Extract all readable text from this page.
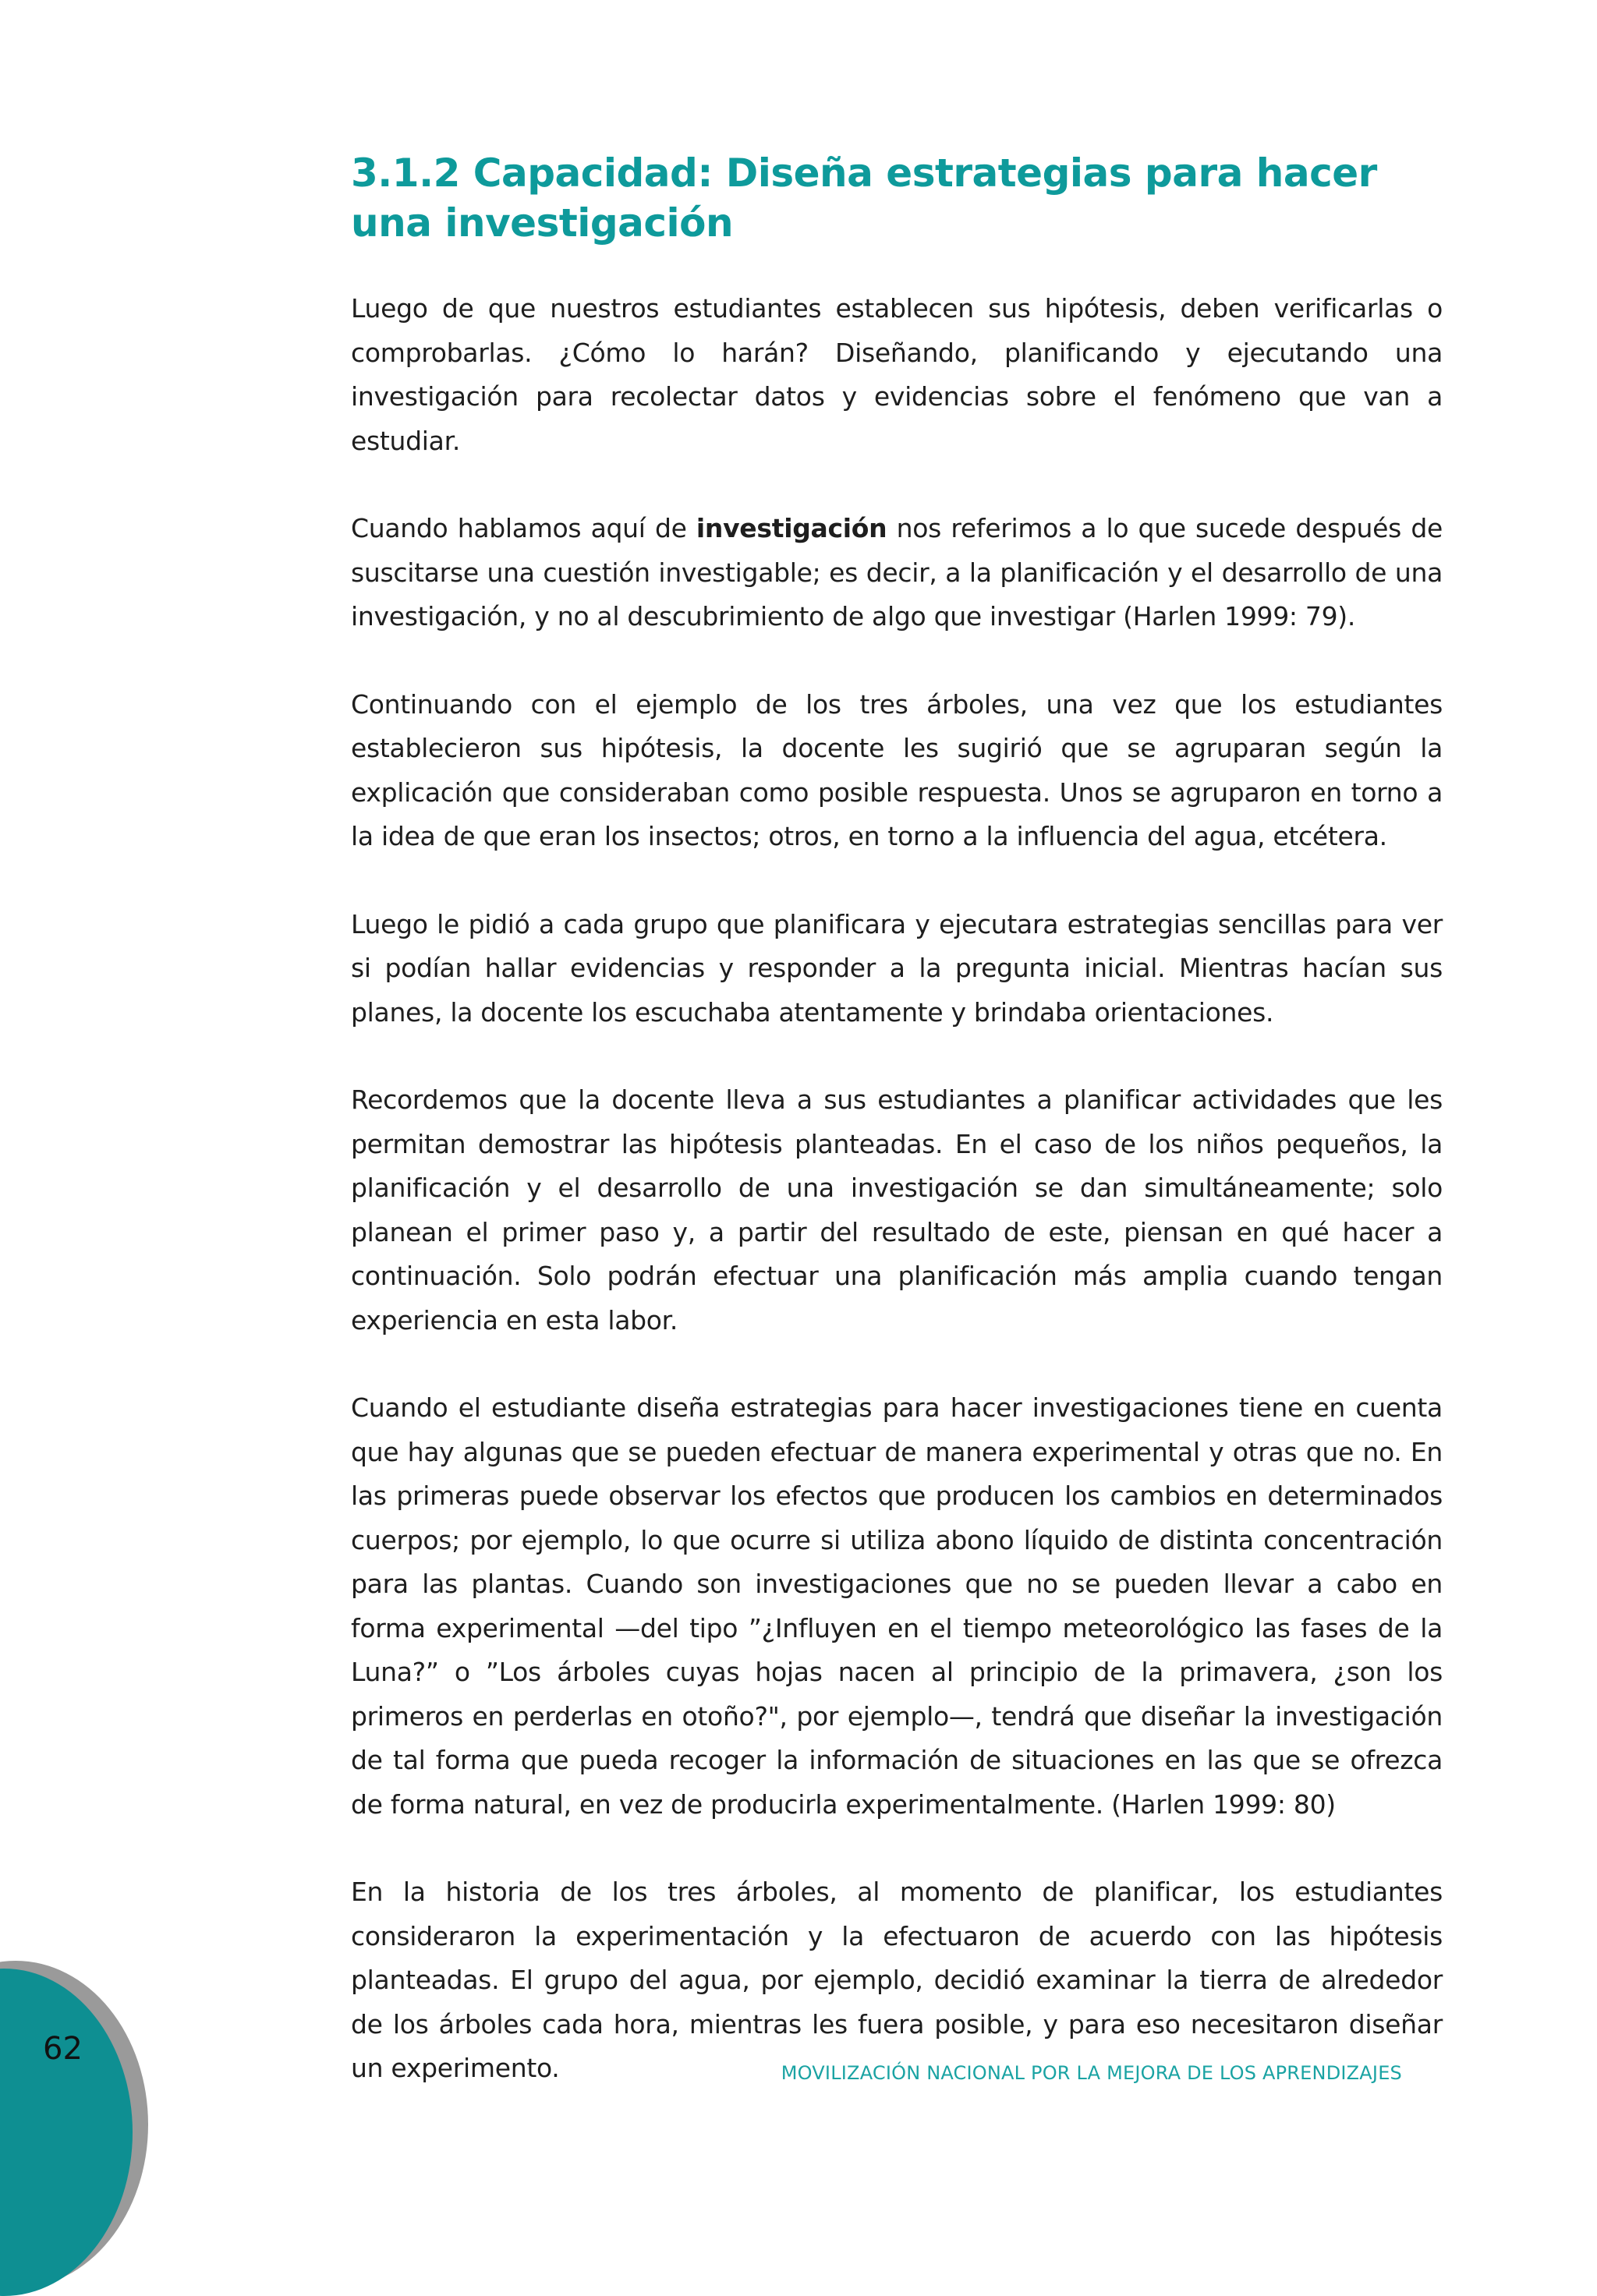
3.1.2 Capacidad: Diseña estrategias para hacer una investigación

Luego de que nuestros estudiantes establecen sus hipótesis, deben verificarlas o comprobarlas. ¿Cómo lo harán? Diseñando, planificando y ejecutando una investigación para recolectar datos y evidencias sobre el fenómeno que van a estudiar.

Cuando hablamos aquí de investigación nos referimos a lo que sucede después de suscitarse una cuestión investigable; es decir, a la planificación y el desarrollo de una investigación, y no al descubrimiento de algo que investigar (Harlen 1999: 79).

Continuando con el ejemplo de los tres árboles, una vez que los estudiantes establecieron sus hipótesis, la docente les sugirió que se agruparan según la explicación que consideraban como posible respuesta. Unos se agruparon en torno a la idea de que eran los insectos; otros, en torno a la influencia del agua, etcétera.

Luego le pidió a cada grupo que planificara y ejecutara estrategias sencillas para ver si podían hallar evidencias y responder a la pregunta inicial. Mientras hacían sus planes, la docente los escuchaba atentamente y brindaba orientaciones.

Recordemos que la docente lleva a sus estudiantes a planificar actividades que les permitan demostrar las hipótesis planteadas. En el caso de los niños pequeños, la planificación y el desarrollo de una investigación se dan simultáneamente; solo planean el primer paso y, a partir del resultado de este, piensan en qué hacer a continuación. Solo podrán efectuar una planificación más amplia cuando tengan experiencia en esta labor.

Cuando el estudiante diseña estrategias para hacer investigaciones tiene en cuenta que hay algunas que se pueden efectuar de manera experimental y otras que no. En las primeras puede observar los efectos que producen los cambios en determinados cuerpos; por ejemplo, lo que ocurre si utiliza abono líquido de distinta concentración para las plantas. Cuando son investigaciones que no se pueden llevar a cabo en forma experimental —del tipo ”¿Influyen en el tiempo meteorológico las fases de la Luna?” o ”Los árboles cuyas hojas nacen al principio de la primavera, ¿son los primeros en perderlas en otoño?", por ejemplo—, tendrá que diseñar la investigación de tal forma que pueda recoger la información de situaciones en las que se ofrezca de forma natural, en vez de producirla experimentalmente. (Harlen 1999: 80)

En la historia de los tres árboles, al momento de planificar, los estudiantes consideraron la experimentación y la efectuaron de acuerdo con las hipótesis planteadas. El grupo del agua, por ejemplo, decidió examinar la tierra de alrededor de los árboles cada hora, mientras les fuera posible, y para eso necesitaron diseñar un experimento.

62
MOVILIZACIÓN NACIONAL POR LA MEJORA DE LOS APRENDIZAJES
